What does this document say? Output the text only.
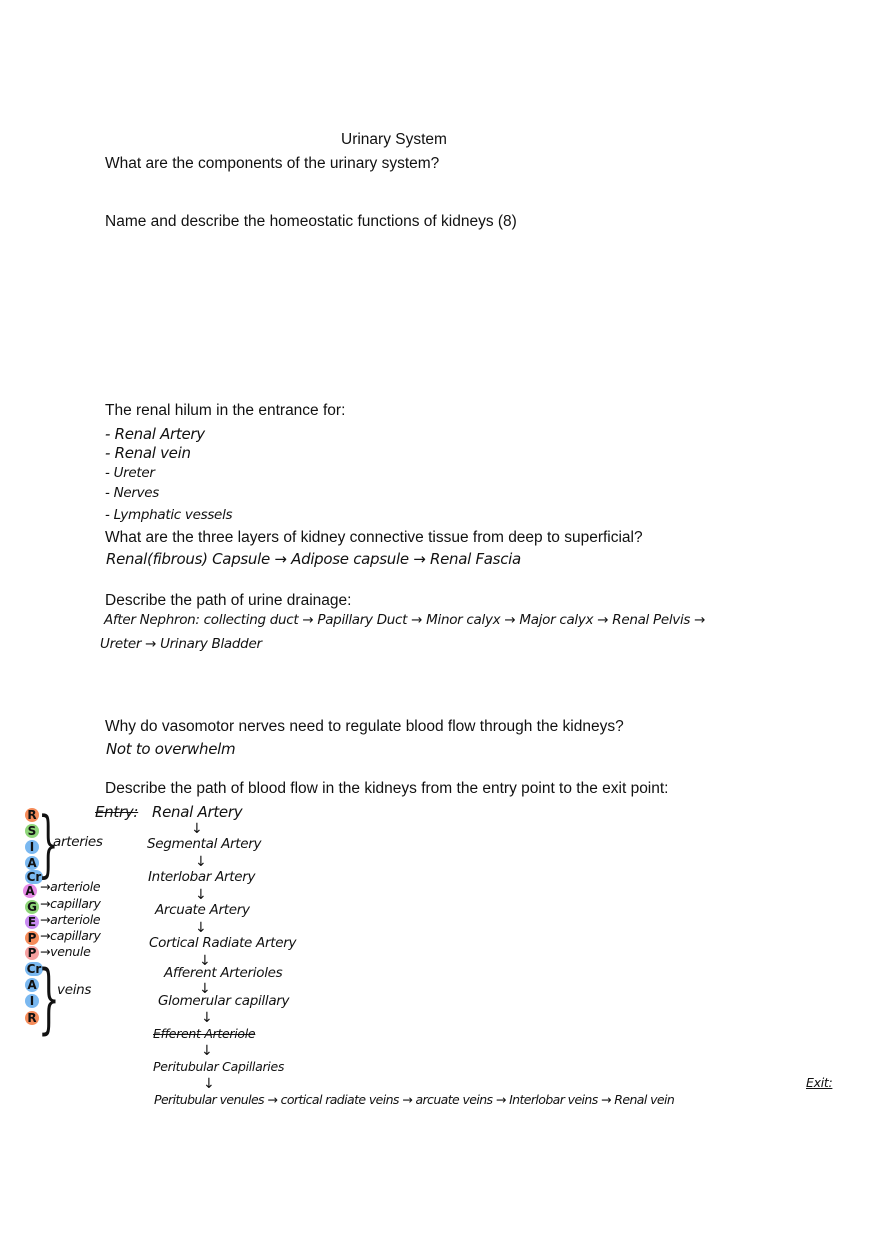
Urinary System
What are the components of the urinary system?
Name and describe the homeostatic functions of kidneys (8)
The renal hilum in the entrance for:
- Renal Artery
- Renal vein
- Ureter
- Nerves
- Lymphatic vessels
What are the three layers of kidney connective tissue from deep to superficial?
Renal(fibrous) Capsule → Adipose capsule → Renal Fascia
Describe the path of urine drainage:
After Nephron: collecting duct → Papillary Duct → Minor calyx → Major calyx → Renal Pelvis →
Ureter → Urinary Bladder
Why do vasomotor nerves need to regulate blood flow through the kidneys?
Not to overwhelm
Describe the path of blood flow in the kidneys from the entry point to the exit point:
Entry: Renal Artery
↓
Segmental Artery
↓
Interlobar Artery
↓
Arcuate Artery
↓
Cortical Radiate Artery
↓
Afferent Arterioles
↓
Glomerular capillary
↓
Efferent Arteriole
↓
Peritubular Capillaries
↓	Exit:
Peritubular venules → cortical radiate veins → arcuate veins → Interlobar veins → Renal vein
R
S
I
A
Cr
A
G
E
P
P
Cr
A
I
R
}
arteries
→arteriole
→capillary
→arteriole
→capillary
→venule
}
veins
